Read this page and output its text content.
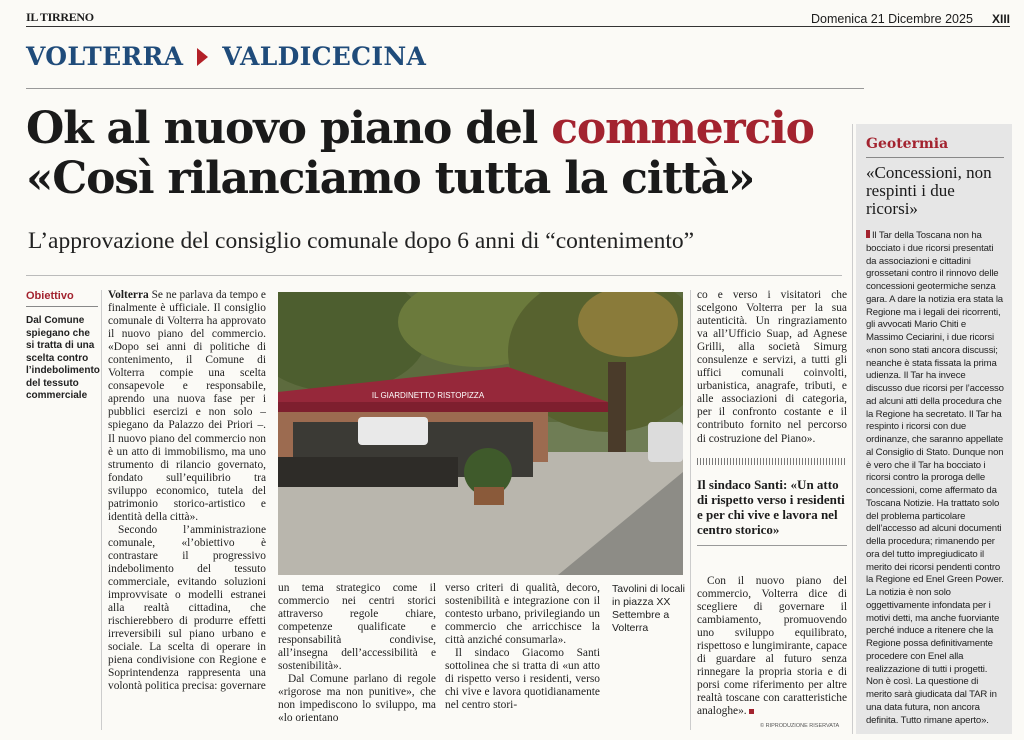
IL TIRRENO	Domenica 21 Dicembre 2025 XIII
VOLTERRA VALDICECINA
Ok al nuovo piano del commercio
«Così rilanciamo tutta la città»
L’approvazione del consiglio comunale dopo 6 anni di “contenimento”
Obiettivo
Dal Comune spiegano che si tratta di una scelta contro l’indebolimento del tessuto commerciale

Volterra Se ne parlava da tempo e finalmente è ufficiale. Il consiglio comunale di Volterra ha approvato il nuovo piano del commercio. «Dopo sei anni di politiche di contenimento, il Comune di Volterra compie una scelta consapevole e responsabile, aprendo una nuova fase per i pubblici esercizi e non solo – spiegano da Palazzo dei Priori –. Il nuovo piano del commercio non è un atto di immobilismo, ma uno strumento di rilancio governato, fondato sull’equilibrio tra sviluppo economico, tutela del patrimonio storico-artistico e identità della città».

Secondo l’amministrazione comunale, «l’obiettivo è contrastare il progressivo indebolimento del tessuto commerciale, evitando soluzioni improvvisate o modelli estranei alla realtà cittadina, che rischierebbero di produrre effetti irreversibili sul piano urbano e sociale. La scelta di operare in piena condivisione con Regione e Soprintendenza rappresenta una volontà politica precisa: governare

IL GIARDINETTO RISTOPIZZA

un tema strategico come il commercio nei centri storici attraverso regole chiare, competenze qualificate e responsabilità condivise, all’insegna dell’accessibilità e sostenibilità».

Dal Comune parlano di regole «rigorose ma non punitive», che non impediscono lo sviluppo, ma «lo orientano

verso criteri di qualità, decoro, sostenibilità e integrazione con il contesto urbano, privilegiando un commercio che arricchisce la città anziché consumarla».

Il sindaco Giacomo Santi sottolinea che si tratta di «un atto di rispetto verso i residenti, verso chi vive e lavora quotidianamente nel centro stori-

Tavolini di locali in piazza XX Settembre a Volterra

co e verso i visitatori che scelgono Volterra per la sua autenticità. Un ringraziamento va all’Ufficio Suap, ad Agnese Grilli, alla società Simurg consulenze e servizi, a tutti gli uffici comunali coinvolti, urbanistica, anagrafe, tributi, e alle associazioni di categoria, per il confronto costante e il contributo fornito nel percorso di costruzione del Piano».

Il sindaco Santi: «Un atto di rispetto verso i residenti e per chi vive e lavora nel centro storico»

Con il nuovo piano del commercio, Volterra dice di scegliere di governare il cambiamento, promuovendo uno sviluppo equilibrato, rispettoso e lungimirante, capace di guardare al futuro senza rinnegare la propria storia e di porsi come riferimento per altre realtà toscane con caratteristiche analoghe».

© RIPRODUZIONE RISERVATA
Geotermia
«Concessioni, non respinti i due ricorsi»
Il Tar della Toscana non ha bocciato i due ricorsi presentati da associazioni e cittadini grossetani contro il rinnovo delle concessioni geotermiche senza gara. A dare la notizia era stata la Regione ma i legali dei ricorrenti, gli avvocati Mario Chiti e Massimo Ceciarini, i due ricorsi «non sono stati ancora discussi; neanche è stata fissata la prima udienza. Il Tar ha invece discusso due ricorsi per l’accesso ad alcuni atti della procedura che la Regione ha secretato. Il Tar ha respinto i ricorsi con due ordinanze, che saranno appellate al Consiglio di Stato. Dunque non è vero che il Tar ha bocciato i ricorsi contro la proroga delle concessioni, come affermato da Toscana Notizie. Ha trattato solo del problema particolare dell’accesso ad alcuni documenti della procedura; rimanendo per ora del tutto impregiudicato il merito dei ricorsi pendenti contro la Regione ed Enel Green Power. La notizia è non solo oggettivamente infondata per i motivi detti, ma anche fuorviante perché induce a ritenere che la Regione possa definitivamente procedere con Enel alla realizzazione di tutti i progetti. Non è così. La questione di merito sarà giudicata dal TAR in una data futura, non ancora definita. Tutto rimane aperto».
